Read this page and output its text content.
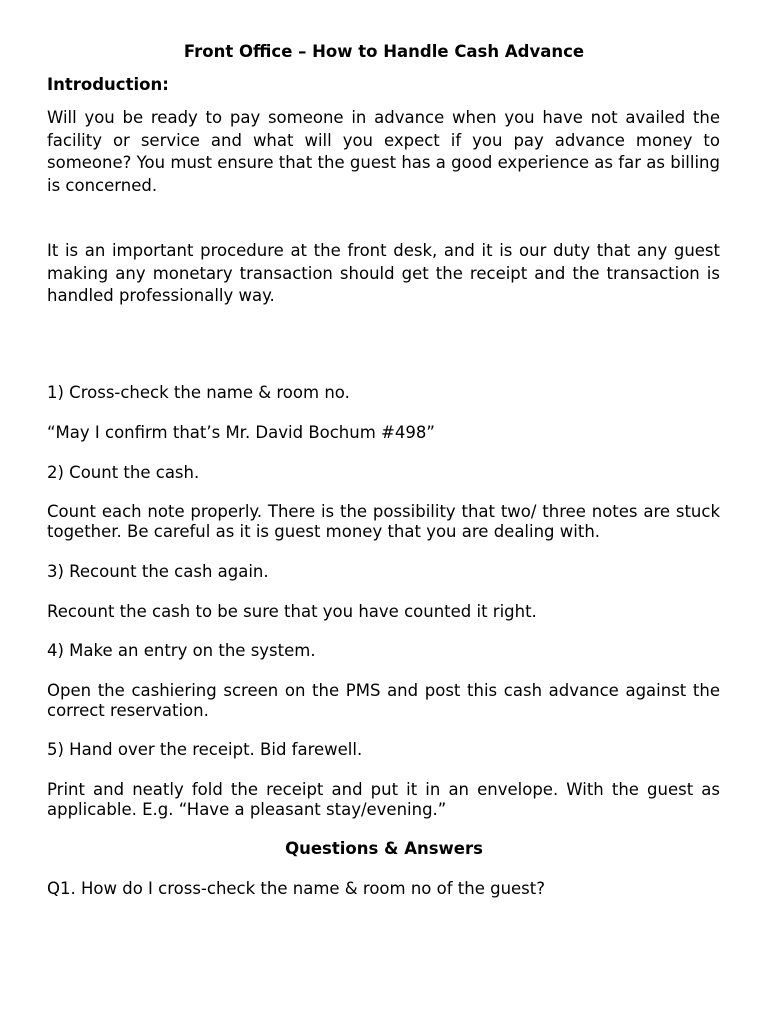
Front Office – How to Handle Cash Advance

Introduction:

Will you be ready to pay someone in advance when you have not availed the facility or service and what will you expect if you pay advance money to someone? You must ensure that the guest has a good experience as far as billing is concerned.

It is an important procedure at the front desk, and it is our duty that any guest making any monetary transaction should get the receipt and the transaction is handled professionally way.

1) Cross-check the name & room no.

“May I confirm that’s Mr. David Bochum #498”

2) Count the cash.

Count each note properly. There is the possibility that two/ three notes are stuck together. Be careful as it is guest money that you are dealing with.

3) Recount the cash again.

Recount the cash to be sure that you have counted it right.

4) Make an entry on the system.

Open the cashiering screen on the PMS and post this cash advance against the correct reservation.

5) Hand over the receipt. Bid farewell.

Print and neatly fold the receipt and put it in an envelope. With the guest as applicable. E.g. “Have a pleasant stay/evening.”

Questions & Answers

Q1. How do I cross-check the name & room no of the guest?
